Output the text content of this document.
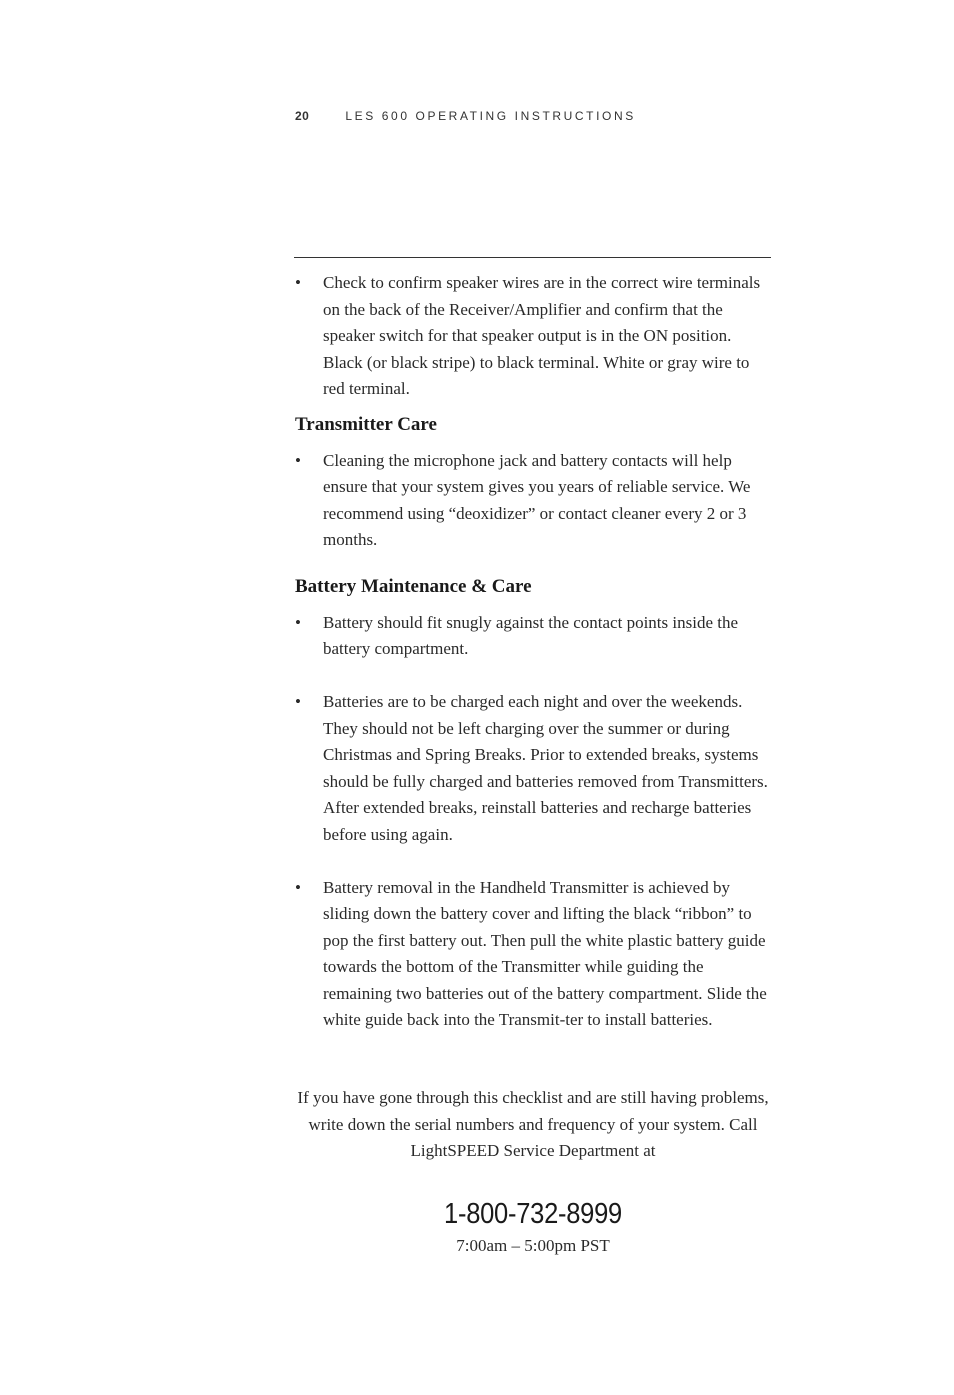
20	LES 600 OPERATING INSTRUCTIONS

• Check to confirm speaker wires are in the correct wire terminals on the back of the Receiver/Amplifier and confirm that the speaker switch for that speaker output is in the ON position. Black (or black stripe) to black terminal. White or gray wire to red terminal.

Transmitter Care

• Cleaning the microphone jack and battery contacts will help ensure that your system gives you years of reliable service. We recommend using “deoxidizer” or contact cleaner every 2 or 3 months.

Battery Maintenance & Care

• Battery should fit snugly against the contact points inside the battery compartment.

• Batteries are to be charged each night and over the weekends. They should not be left charging over the summer or during Christmas and Spring Breaks. Prior to extended breaks, systems should be fully charged and batteries removed from Transmitters. After extended breaks, reinstall batteries and recharge batteries before using again.

• Battery removal in the Handheld Transmitter is achieved by sliding down the battery cover and lifting the black “ribbon” to pop the first battery out. Then pull the white plastic battery guide towards the bottom of the Transmitter while guiding the remaining two batteries out of the battery compartment. Slide the white guide back into the Transmit-ter to install batteries.

If you have gone through this checklist and are still having problems, write down the serial numbers and frequency of your system. Call LightSPEED Service Department at
1-800-732-8999
7:00am – 5:00pm PST
